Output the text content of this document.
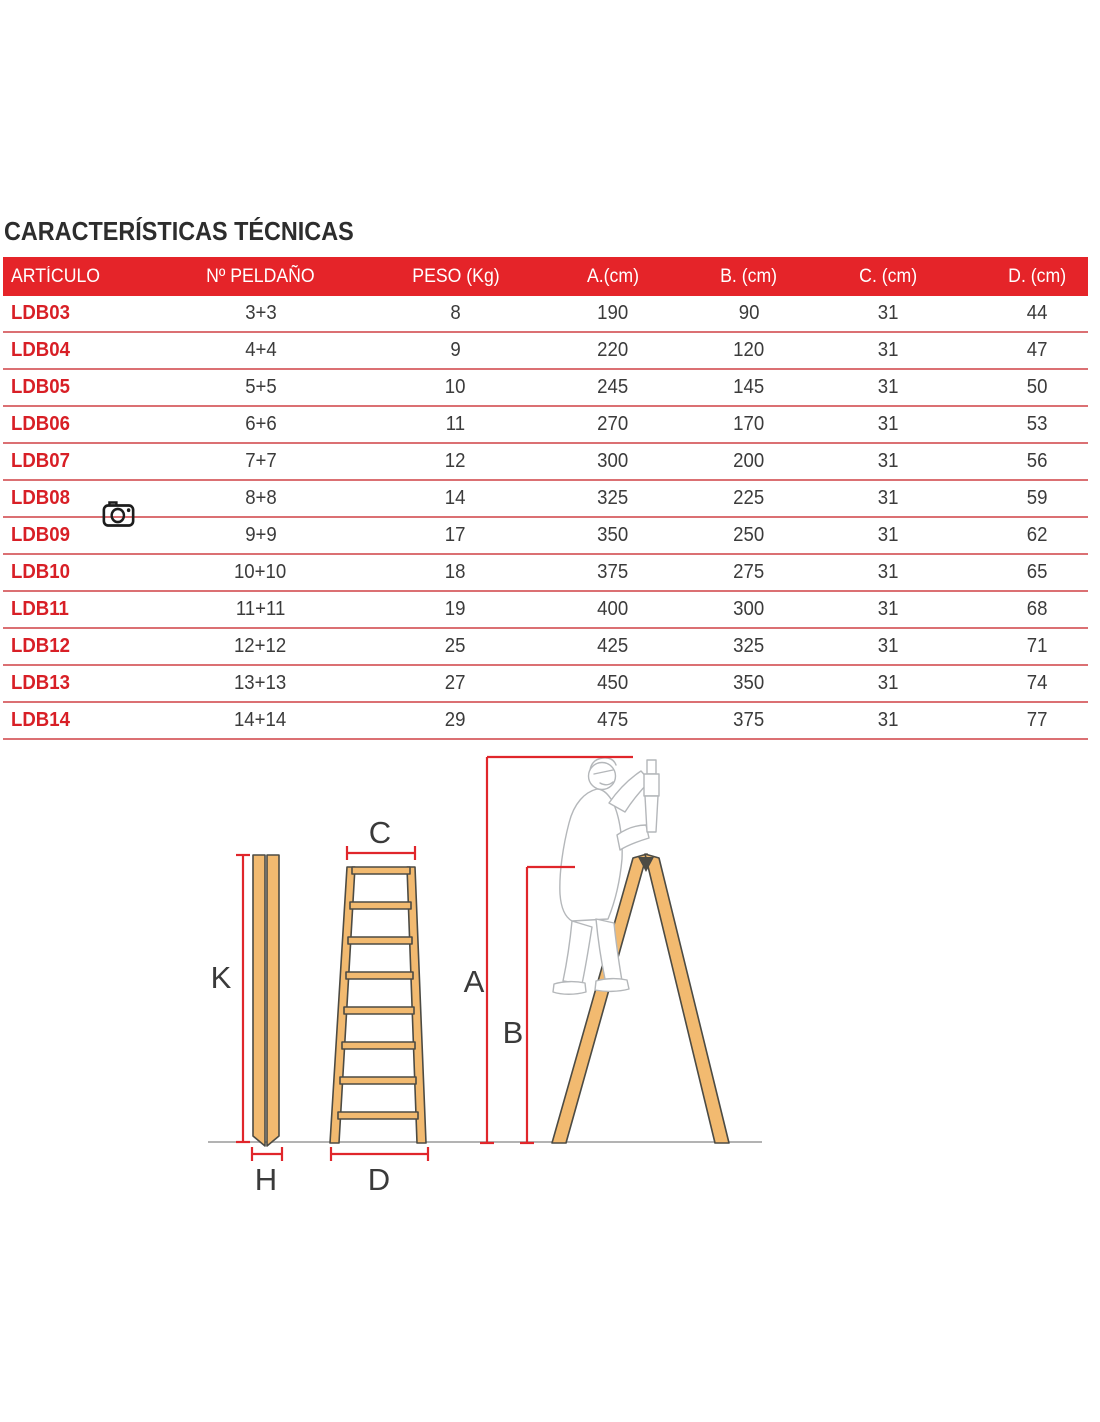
CARACTERÍSTICAS TÉCNICAS
ARTÍCULO	Nº PELDAÑO	PESO (Kg)	A.(cm)	B. (cm)	C. (cm)	D. (cm)
LDB03	3+3	8	190	90	31	44
LDB04	4+4	9	220	120	31	47
LDB05	5+5	10	245	145	31	50
LDB06	6+6	11	270	170	31	53
LDB07	7+7	12	300	200	31	56
LDB08	8+8	14	325	225	31	59
LDB09	9+9	17	350	250	31	62
LDB10	10+10	18	375	275	31	65
LDB11	11+11	19	400	300	31	68
LDB12	12+12	25	425	325	31	71
LDB13	13+13	27	450	350	31	74
LDB14	14+14	29	475	375	31	77
K
H
C
D
A
B
